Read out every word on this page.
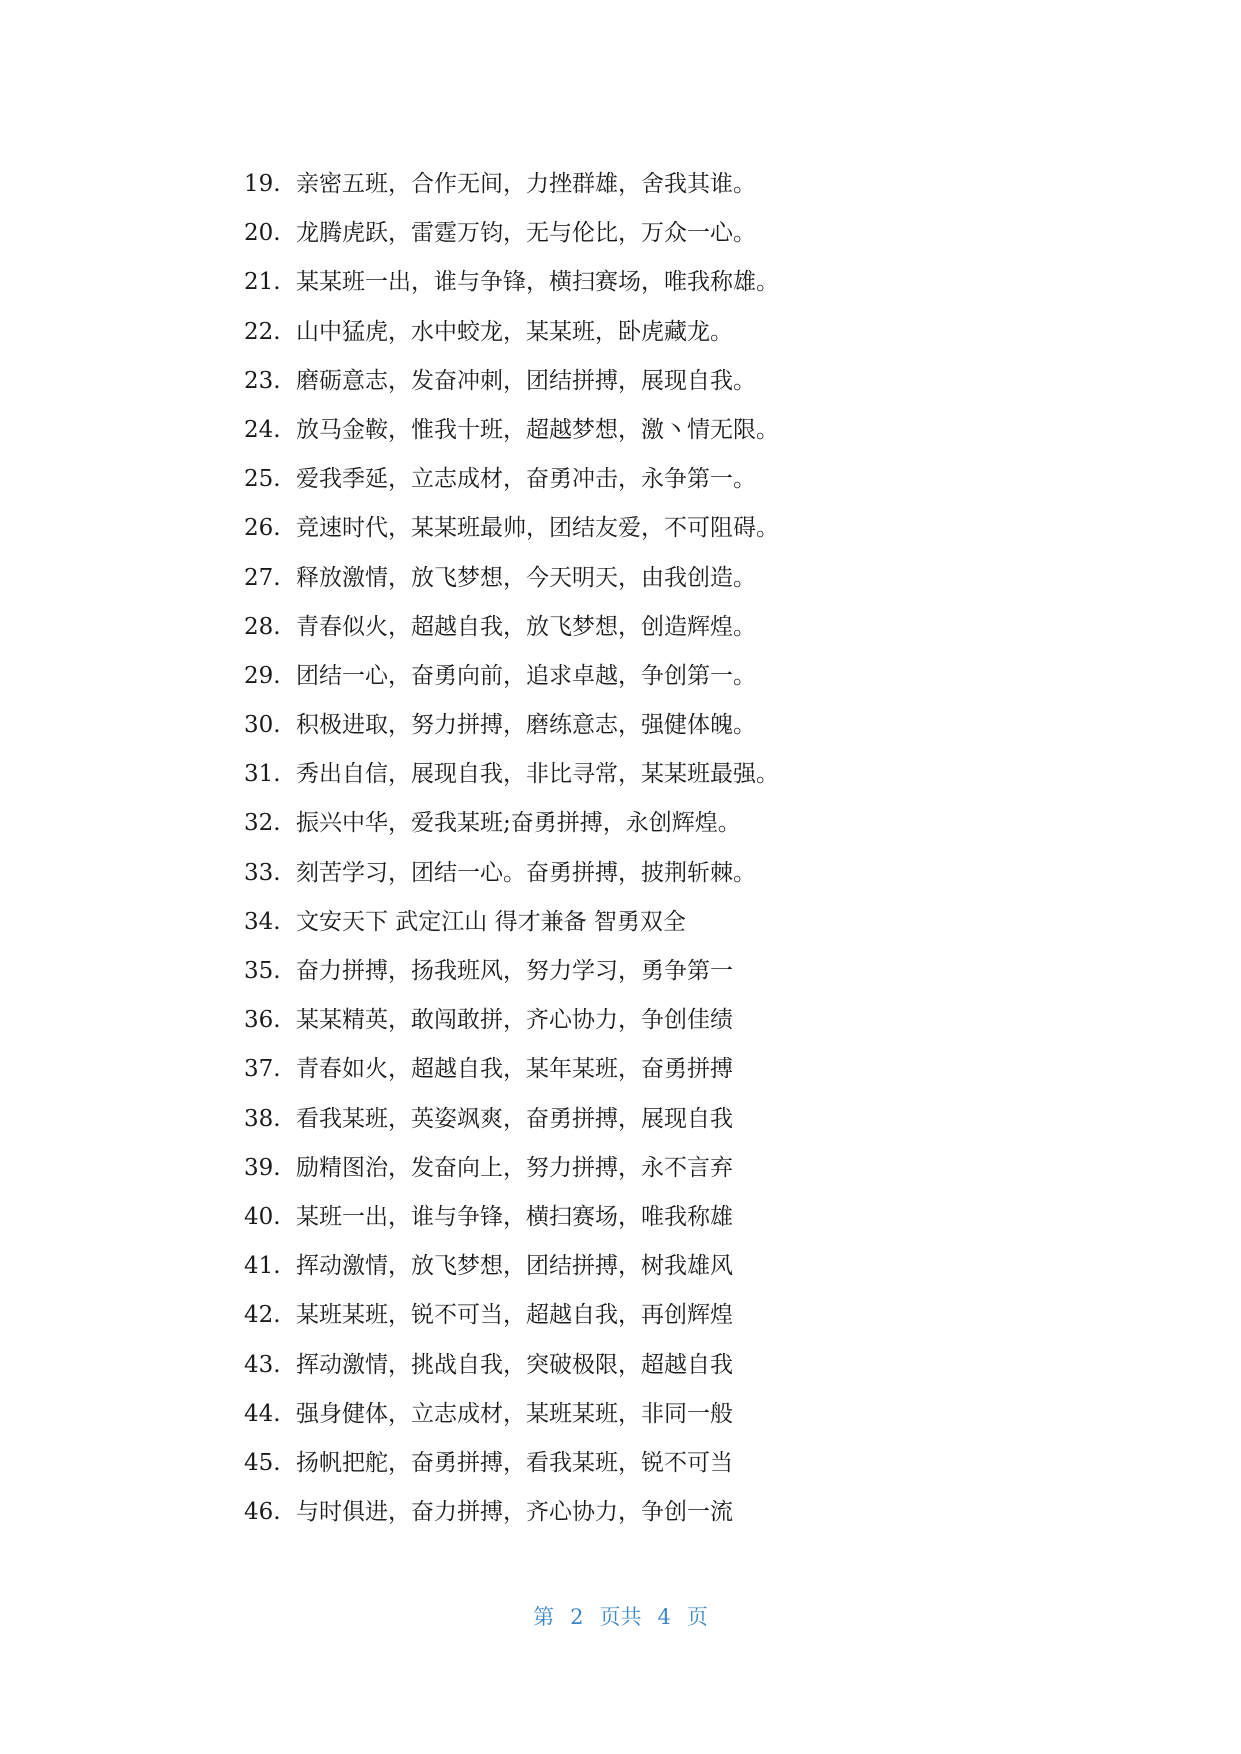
19. 亲密五班，合作无间，力挫群雄，舍我其谁。
20. 龙腾虎跃，雷霆万钧，无与伦比，万众一心。
21. 某某班一出，谁与争锋，横扫赛场，唯我称雄。
22. 山中猛虎，水中蛟龙，某某班，卧虎藏龙。
23. 磨砺意志，发奋冲刺，团结拼搏，展现自我。
24. 放马金鞍，惟我十班，超越梦想，激丶情无限。
25. 爱我季延，立志成材，奋勇冲击，永争第一。
26. 竞速时代，某某班最帅，团结友爱，不可阻碍。
27. 释放激情，放飞梦想，今天明天，由我创造。
28. 青春似火，超越自我，放飞梦想，创造辉煌。
29. 团结一心，奋勇向前，追求卓越，争创第一。
30. 积极进取，努力拼搏，磨练意志，强健体魄。
31. 秀出自信，展现自我，非比寻常，某某班最强。
32. 振兴中华，爱我某班;奋勇拼搏，永创辉煌。
33. 刻苦学习，团结一心。奋勇拼搏，披荆斩棘。
34. 文安天下 武定江山 得才兼备 智勇双全
35. 奋力拼搏，扬我班风，努力学习，勇争第一
36. 某某精英，敢闯敢拼，齐心协力，争创佳绩
37. 青春如火，超越自我，某年某班，奋勇拼搏
38. 看我某班，英姿飒爽，奋勇拼搏，展现自我
39. 励精图治，发奋向上，努力拼搏，永不言弃
40. 某班一出，谁与争锋，横扫赛场，唯我称雄
41. 挥动激情，放飞梦想，团结拼搏，树我雄风
42. 某班某班，锐不可当，超越自我，再创辉煌
43. 挥动激情，挑战自我，突破极限，超越自我
44. 强身健体，立志成材，某班某班，非同一般
45. 扬帆把舵，奋勇拼搏，看我某班，锐不可当
46. 与时俱进，奋力拼搏，齐心协力，争创一流
第 2 页共 4 页
